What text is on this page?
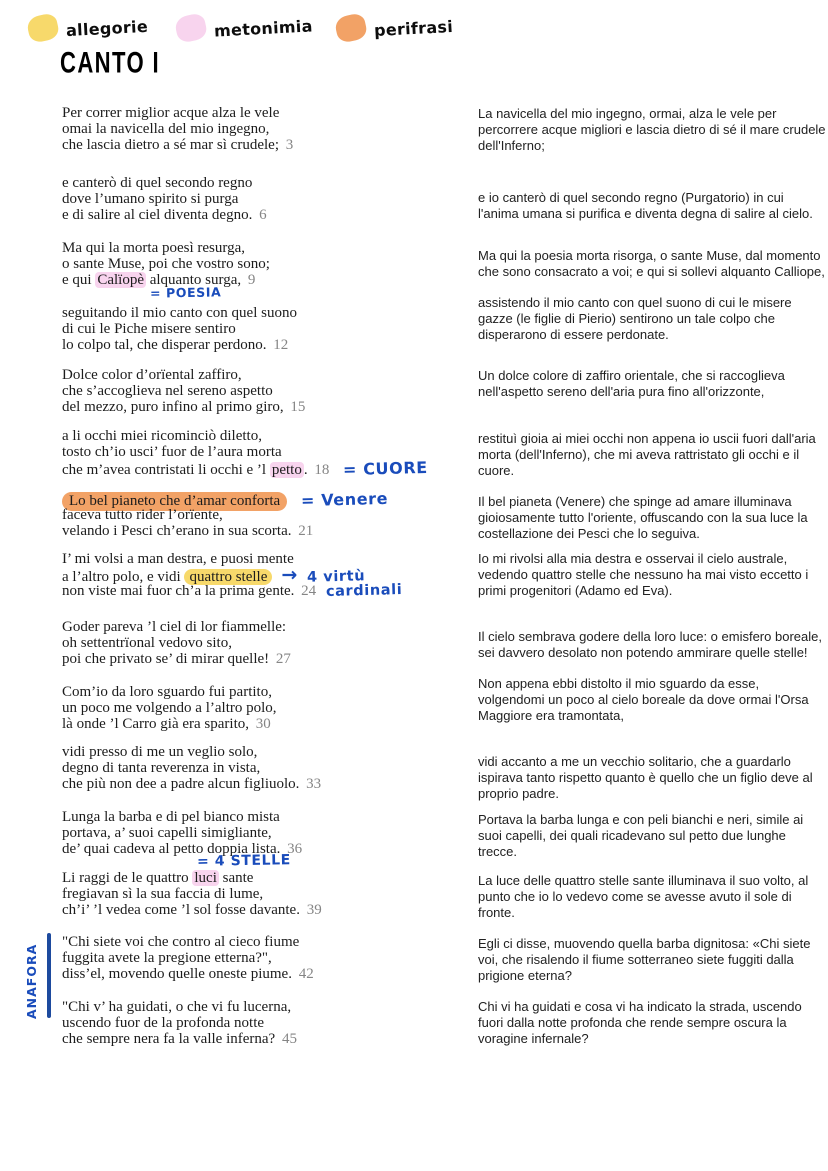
allegorie	metonimia	perifrasi
CANTO I
Per correr miglior acque alza le vele
omai la navicella del mio ingegno,
che lascia dietro a sé mar sì crudele; 3
e canterò di quel secondo regno
dove l’umano spirito si purga
e di salire al ciel diventa degno. 6
Ma qui la morta poesì resurga,
o sante Muse, poi che vostro sono;
e qui Calïopè alquanto surga, 9
seguitando il mio canto con quel suono
di cui le Piche misere sentiro
lo colpo tal, che disperar perdono. 12
Dolce color d’orïental zaffiro,
che s’accoglieva nel sereno aspetto
del mezzo, puro infino al primo giro, 15
a li occhi miei ricominciò diletto,
tosto ch’io usci’ fuor de l’aura morta
che m’avea contristati li occhi e ’l petto . 18 = CUORE
Lo bel pianeto che d’amar conforta = Venere
faceva tutto rider l’orïente,
velando i Pesci ch’erano in sua scorta. 21
I’ mi volsi a man destra, e puosi mente
a l’altro polo, e vidi quattro stelle → 4 virtù
non viste mai fuor ch’a la prima gente. 24 cardinali
Goder pareva ’l ciel di lor fiammelle:
oh settentrïonal vedovo sito,
poi che privato se’ di mirar quelle! 27
Com’io da loro sguardo fui partito,
un poco me volgendo a l’altro polo,
là onde ’l Carro già era sparito, 30
vidi presso di me un veglio solo,
degno di tanta reverenza in vista,
che più non dee a padre alcun figliuolo. 33
Lunga la barba e di pel bianco mista
portava, a’ suoi capelli simigliante,
de’ quai cadeva al petto doppia lista. 36
Li raggi de le quattro luci sante
fregiavan sì la sua faccia di lume,
ch’i’ ’l vedea come ’l sol fosse davante. 39
"Chi siete voi che contro al cieco fiume
fuggita avete la pregione etterna?",
diss’el, movendo quelle oneste piume. 42
"Chi v’ ha guidati, o che vi fu lucerna,
uscendo fuor de la profonda notte
che sempre nera fa la valle inferna? 45
La navicella del mio ingegno, ormai, alza le vele per percorrere acque migliori e lascia dietro di sé il mare crudele dell'Inferno;
e io canterò di quel secondo regno (Purgatorio) in cui l'anima umana si purifica e diventa degna di salire al cielo.
Ma qui la poesia morta risorga, o sante Muse, dal momento che sono consacrato a voi; e qui si sollevi alquanto Calliope,
assistendo il mio canto con quel suono di cui le misere gazze (le figlie di Pierio) sentirono un tale colpo che disperarono di essere perdonate.
Un dolce colore di zaffiro orientale, che si raccoglieva nell'aspetto sereno dell'aria pura fino all'orizzonte,
restituì gioia ai miei occhi non appena io uscii fuori dall'aria morta (dell'Inferno), che mi aveva rattristato gli occhi e il cuore.
Il bel pianeta (Venere) che spinge ad amare illuminava gioiosamente tutto l'oriente, offuscando con la sua luce la costellazione dei Pesci che lo seguiva.
Io mi rivolsi alla mia destra e osservai il cielo australe, vedendo quattro stelle che nessuno ha mai visto eccetto i primi progenitori (Adamo ed Eva).
Il cielo sembrava godere della loro luce: o emisfero boreale, sei davvero desolato non potendo ammirare quelle stelle!
Non appena ebbi distolto il mio sguardo da esse, volgendomi un poco al cielo boreale da dove ormai l'Orsa Maggiore era tramontata,
vidi accanto a me un vecchio solitario, che a guardarlo ispirava tanto rispetto quanto è quello che un figlio deve al proprio padre.
Portava la barba lunga e con peli bianchi e neri, simile ai suoi capelli, dei quali ricadevano sul petto due lunghe trecce.
La luce delle quattro stelle sante illuminava il suo volto, al punto che io lo vedevo come se avesse avuto il sole di fronte.
Egli ci disse, muovendo quella barba dignitosa: «Chi siete voi, che risalendo il fiume sotterraneo siete fuggiti dalla prigione eterna?
Chi vi ha guidati e cosa vi ha indicato la strada, uscendo fuori dalla notte profonda che rende sempre oscura la voragine infernale?
= POESIA
= 4 STELLE
ANAFORA
